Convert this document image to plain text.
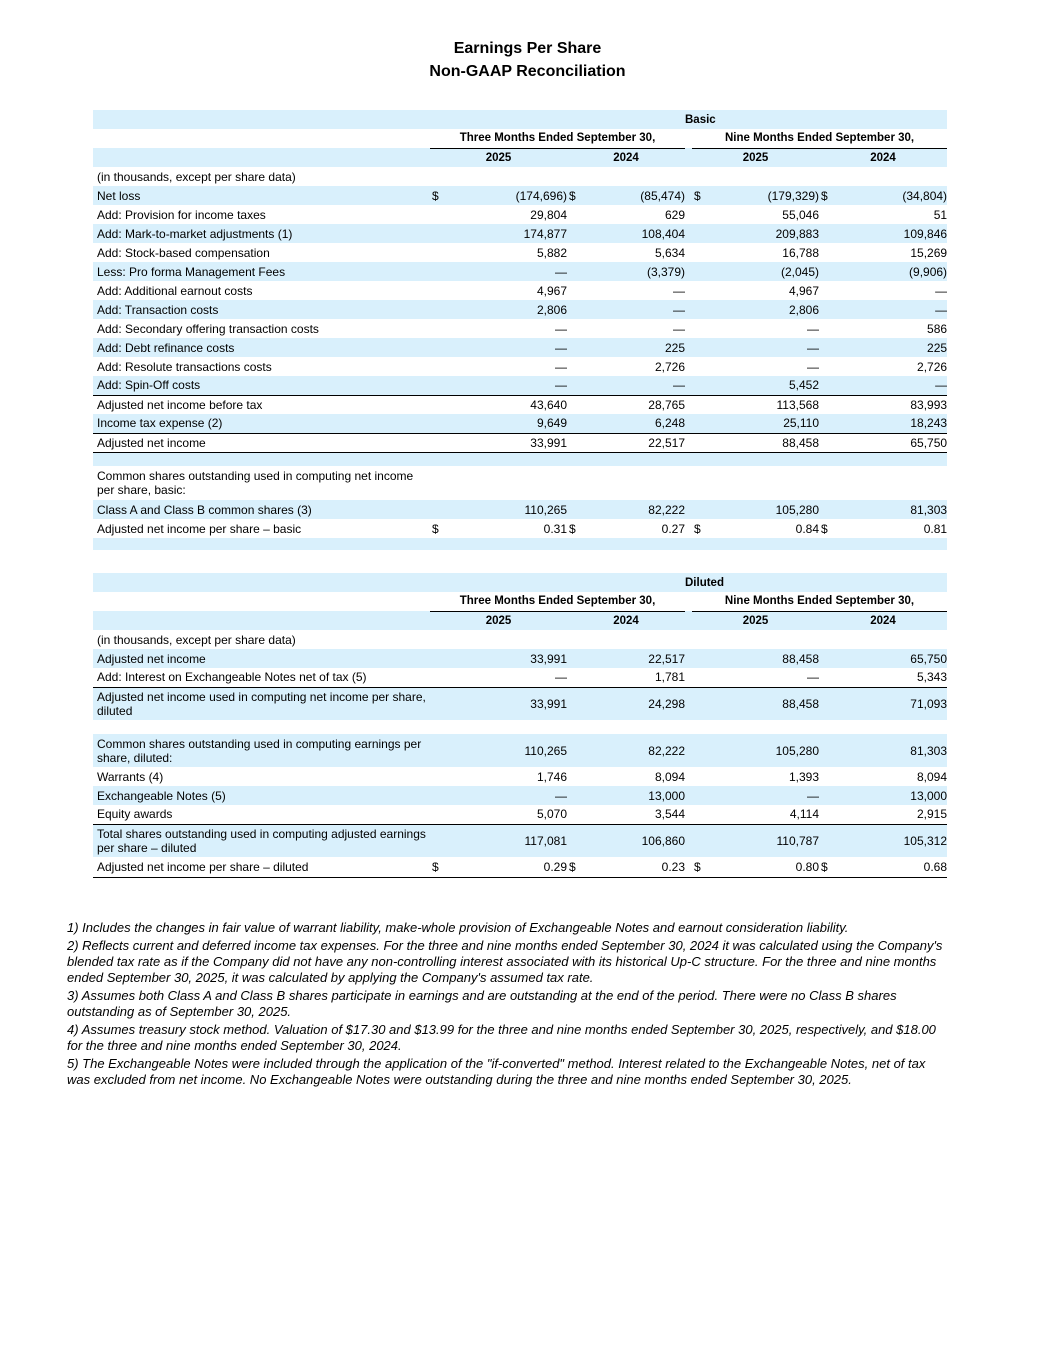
Earnings Per Share
Non-GAAP Reconciliation
					Basic				
	Three Months Ended September 30,					Nine Months Ended September 30,			
	2025		2024			2025		2024	
(in thousands, except per share data)									
Net loss	$	(174,696)	$	(85,474)		$	(179,329)	$	(34,804)
Add: Provision for income taxes		29,804		629			55,046		51
Add: Mark-to-market adjustments (1)		174,877		108,404			209,883		109,846
Add: Stock-based compensation		5,882		5,634			16,788		15,269
Less: Pro forma Management Fees		—		(3,379)			(2,045)		(9,906)
Add: Additional earnout costs		4,967		—			4,967		—
Add: Transaction costs		2,806		—			2,806		—
Add: Secondary offering transaction costs		—		—			—		586
Add: Debt refinance costs		—		225			—		225
Add: Resolute transactions costs		—		2,726			—		2,726
Add: Spin-Off costs		—		—			5,452		—
Adjusted net income before tax		43,640		28,765			113,568		83,993
Income tax expense (2)		9,649		6,248			25,110		18,243
Adjusted net income		33,991		22,517			88,458		65,750

Common shares outstanding used in computing net income per share, basic:									
Class A and Class B common shares (3)		110,265		82,222			105,280		81,303
Adjusted net income per share – basic	$	0.31	$	0.27		$	0.84	$	0.81

					Diluted				
	Three Months Ended September 30,					Nine Months Ended September 30,			
	2025		2024			2025		2024	
(in thousands, except per share data)									
Adjusted net income		33,991		22,517			88,458		65,750
Add: Interest on Exchangeable Notes net of tax (5)		—		1,781			—		5,343
Adjusted net income used in computing net income per share, diluted		33,991		24,298			88,458		71,093

Common shares outstanding used in computing earnings per share, diluted:		110,265		82,222			105,280		81,303
Warrants (4)		1,746		8,094			1,393		8,094
Exchangeable Notes (5)		—		13,000			—		13,000
Equity awards		5,070		3,544			4,114		2,915
Total shares outstanding used in computing adjusted earnings per share – diluted		117,081		106,860			110,787		105,312
Adjusted net income per share – diluted	$	0.29	$	0.23		$	0.80	$	0.68

1) Includes the changes in fair value of warrant liability, make-whole provision of Exchangeable Notes and earnout consideration liability.

2) Reflects current and deferred income tax expenses. For the three and nine months ended September 30, 2024 it was calculated using the Company's blended tax rate as if the Company did not have any non-controlling interest associated with its historical Up-C structure. For the three and nine months ended September 30, 2025, it was calculated by applying the Company's assumed tax rate.

3) Assumes both Class A and Class B shares participate in earnings and are outstanding at the end of the period. There were no Class B shares outstanding as of September 30, 2025.

4) Assumes treasury stock method. Valuation of $17.30 and $13.99 for the three and nine months ended September 30, 2025, respectively, and $18.00 for the three and nine months ended September 30, 2024.

5) The Exchangeable Notes were included through the application of the "if-converted" method. Interest related to the Exchangeable Notes, net of tax was excluded from net income. No Exchangeable Notes were outstanding during the three and nine months ended September 30, 2025.
